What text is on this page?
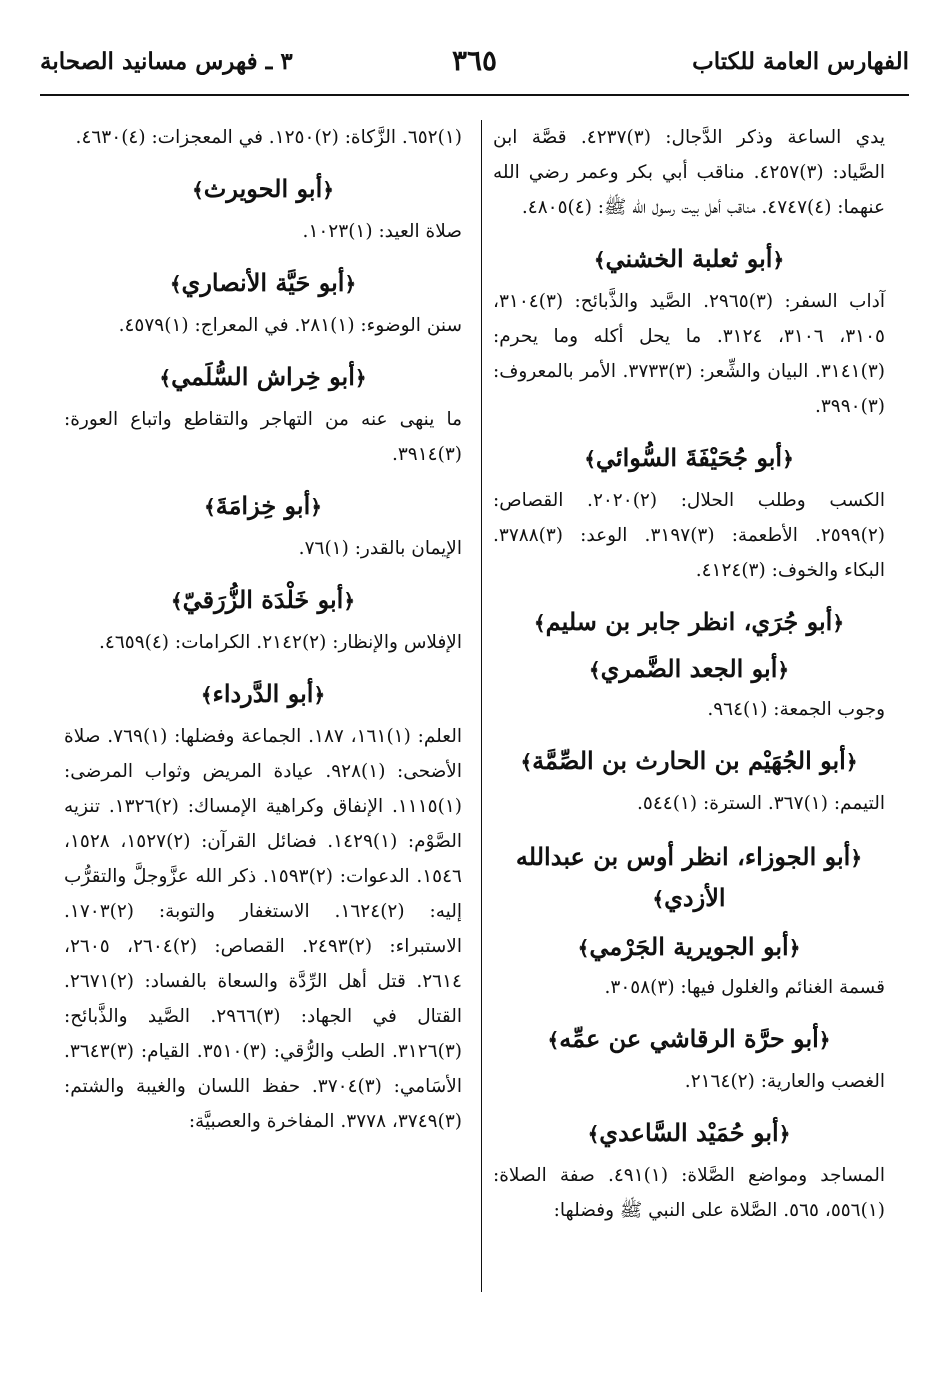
الفهارس العامة للكتاب
٣٦٥
٣ ـ فهرس مسانيد الصحابة
يدي الساعة وذكر الدَّجال: (٣)٤٢٣٧. قصَّة ابن الصَّياد: (٣)٤٢٥٧. مناقب أبي بكر وعمر رضي الله عنهما: (٤)٤٧٤٧. مناقب أهل بيت رسول الله ﷺ: (٤)٤٨٠٥.
﴿أبو ثعلبة الخشني﴾
آداب السفر: (٣)٢٩٦٥. الصَّيد والذَّبائح: (٣)٣١٠٤، ٣١٠٥، ٣١٠٦، ٣١٢٤. ما يحل أكله وما يحرم: (٣)٣١٤١. البيان والشِّعر: (٣)٣٧٣٣. الأمر بالمعروف: (٣)٣٩٩٠.
﴿أبو جُحَيْفَةَ السُّوائي﴾
الكسب وطلب الحلال: (٢)٢٠٢٠. القصاص: (٢)٢٥٩٩. الأطعمة: (٣)٣١٩٧. الوعد: (٣)٣٧٨٨. البكاء والخوف: (٣)٤١٢٤.
﴿أبو جُرَي، انظر جابر بن سليم﴾
﴿أبو الجعد الضَّمري﴾
وجوب الجمعة: (١)٩٦٤.
﴿أبو الجُهَيْم بن الحارث بن الصِّمَّة﴾
التيمم: (١)٣٦٧. السترة: (١)٥٤٤.
﴿أبو الجوزاء، انظر أوس بن عبدالله الأزدي﴾
﴿أبو الجويرية الجَرْمي﴾
قسمة الغنائم والغلول فيها: (٣)٣٠٥٨.
﴿أبو حرَّة الرقاشي عن عمِّه﴾
الغصب والعارية: (٢)٢١٦٤.
﴿أبو حُمَيْد السَّاعدي﴾
المساجد ومواضع الصَّلاة: (١)٤٩١. صفة الصلاة: (١)٥٥٦، ٥٦٥. الصَّلاة على النبي ﷺ وفضلها:
(١)٦٥٢. الزَّكاة: (٢)١٢٥٠. في المعجزات: (٤)٤٦٣٠.
﴿أبو الحويرث﴾
صلاة العيد: (١)١٠٢٣.
﴿أبو حَيَّة الأنصاري﴾
سنن الوضوء: (١)٢٨١. في المعراج: (١)٤٥٧٩.
﴿أبو خِراش السُّلَمي﴾
ما ينهى عنه من التهاجر والتقاطع واتباع العورة: (٣)٣٩١٤.
﴿أبو خِزامَةَ﴾
الإيمان بالقدر: (١)٧٦.
﴿أبو خَلْدَة الزُّرَقيّ﴾
الإفلاس والإنظار: (٢)٢١٤٢. الكرامات: (٤)٤٦٥٩.
﴿أبو الدَّرداء﴾
العلم: (١)١٦١، ١٨٧. الجماعة وفضلها: (١)٧٦٩. صلاة الأضحى: (١)٩٢٨. عيادة المريض وثواب المرضى: (١)١١١٥. الإنفاق وكراهية الإمساك: (٢)١٣٢٦. تنزيه الصَّوْم: (١)١٤٢٩. فضائل القرآن: (٢)١٥٢٧، ١٥٢٨، ١٥٤٦. الدعوات: (٢)١٥٩٣. ذكر الله عزَّوجلَّ والتقرُّب إليه: (٢)١٦٢٤. الاستغفار والتوبة: (٢)١٧٠٣. الاستبراء: (٢)٢٤٩٣. القصاص: (٢)٢٦٠٤، ٢٦٠٥، ٢٦١٤. قتل أهل الرِّدَّة والسعاة بالفساد: (٢)٢٦٧١. القتال في الجهاد: (٣)٢٩٦٦. الصَّيد والذَّبائح: (٣)٣١٢٦. الطب والرُّقي: (٣)٣٥١٠. القيام: (٣)٣٦٤٣. الأسَامي: (٣)٣٧٠٤. حفظ اللسان والغيبة والشتم: (٣)٣٧٤٩، ٣٧٧٨. المفاخرة والعصبيَّة:
